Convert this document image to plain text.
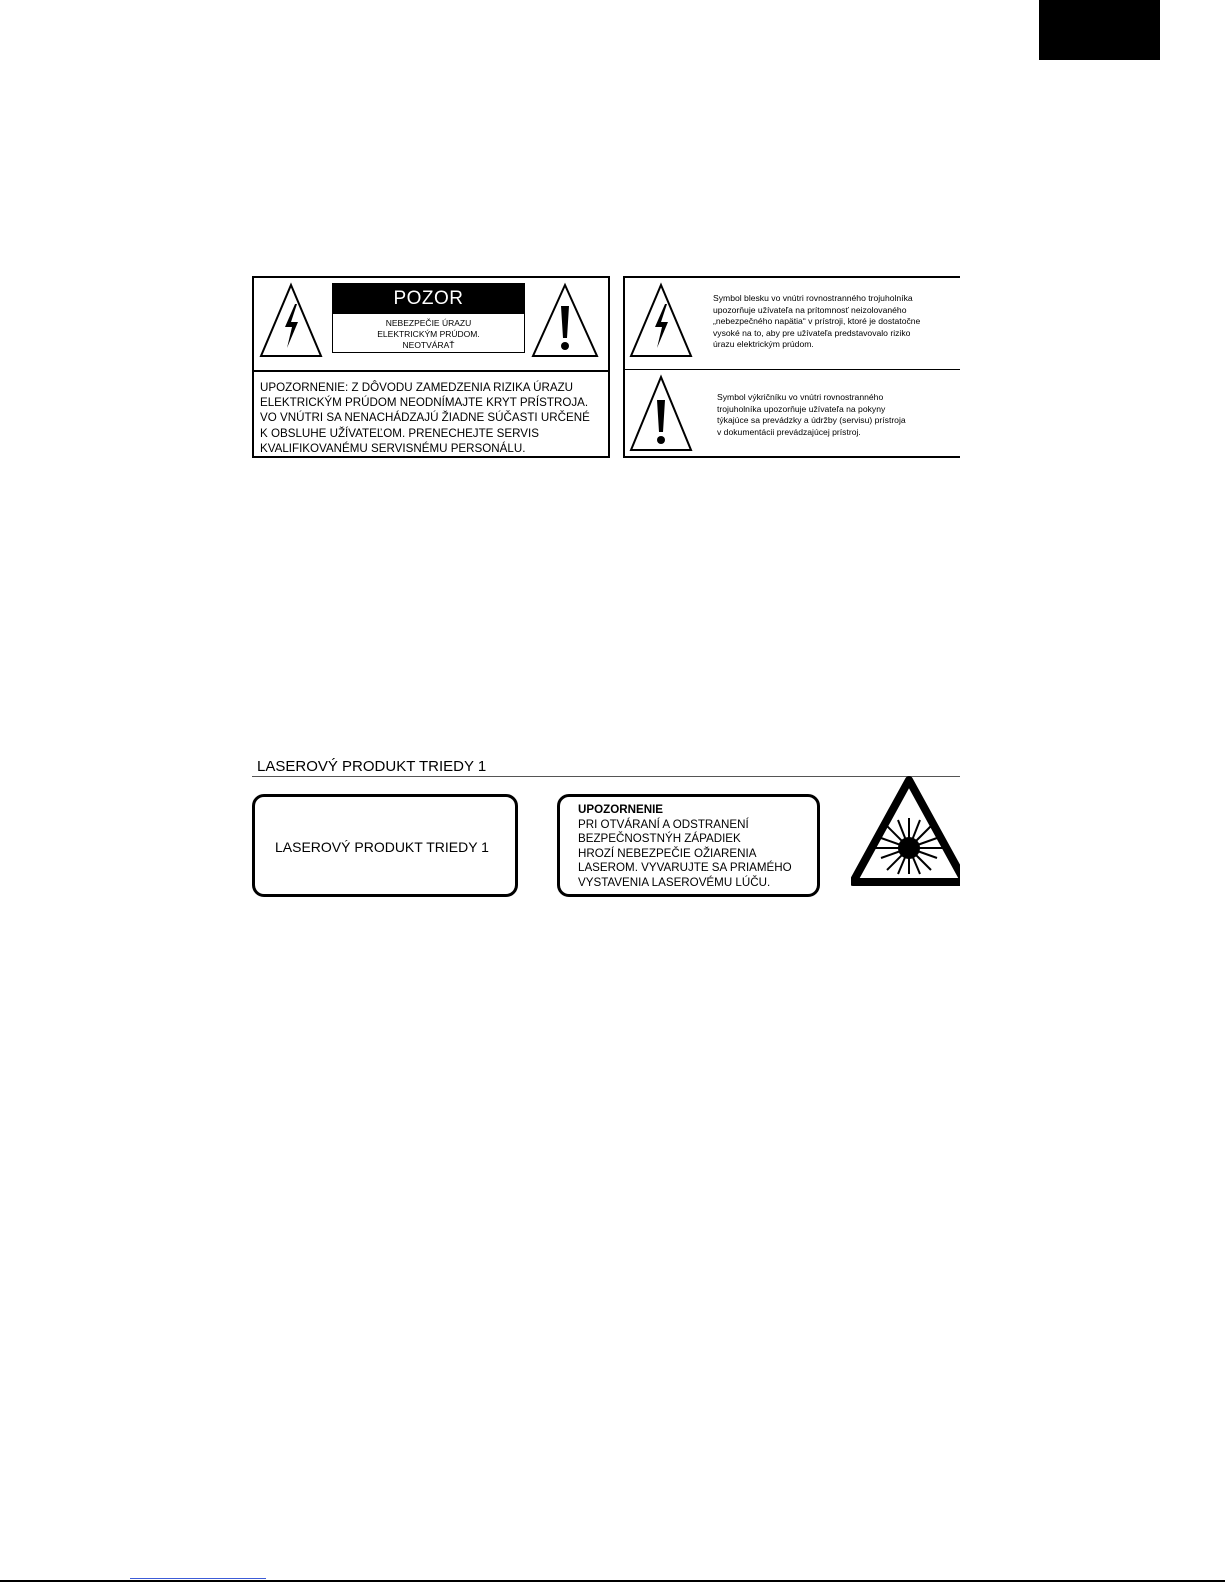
POZOR
NEBEZPEČIE ÚRAZU
ELEKTRICKÝM PRÚDOM.
NEOTVÁRAŤ
UPOZORNENIE: Z DÔVODU ZAMEDZENIA RIZIKA ÚRAZU
ELEKTRICKÝM PRÚDOM NEODNÍMAJTE KRYT PRÍSTROJA.
VO VNÚTRI SA NENACHÁDZAJÚ ŽIADNE SÚČASTI URČENÉ
K OBSLUHE UŽÍVATEĽOM. PRENECHEJTE SERVIS
KVALIFIKOVANÉMU SERVISNÉMU PERSONÁLU.
Symbol blesku vo vnútri rovnostranného trojuholníka
upozorňuje užívateľa na prítomnosť neizolovaného
„nebezpečného napätia“ v prístroji, ktoré je dostatočne
vysoké na to, aby pre užívateľa predstavovalo riziko
úrazu elektrickým prúdom.
Symbol výkričníku vo vnútri rovnostranného
trojuholníka upozorňuje užívateľa na pokyny
týkajúce sa prevádzky a údržby (servisu) prístroja
v dokumentácii prevádzajúcej prístroj.
LASEROVÝ PRODUKT TRIEDY 1
LASEROVÝ PRODUKT TRIEDY 1
UPOZORNENIE
PRI OTVÁRANÍ A ODSTRANENÍ
BEZPEČNOSTNÝH ZÁPADIEK
HROZÍ NEBEZPEČIE OŽIARENIA
LASEROM. VYVARUJTE SA PRIAMÉHO
VYSTAVENIA LASEROVÉMU LÚČU.
